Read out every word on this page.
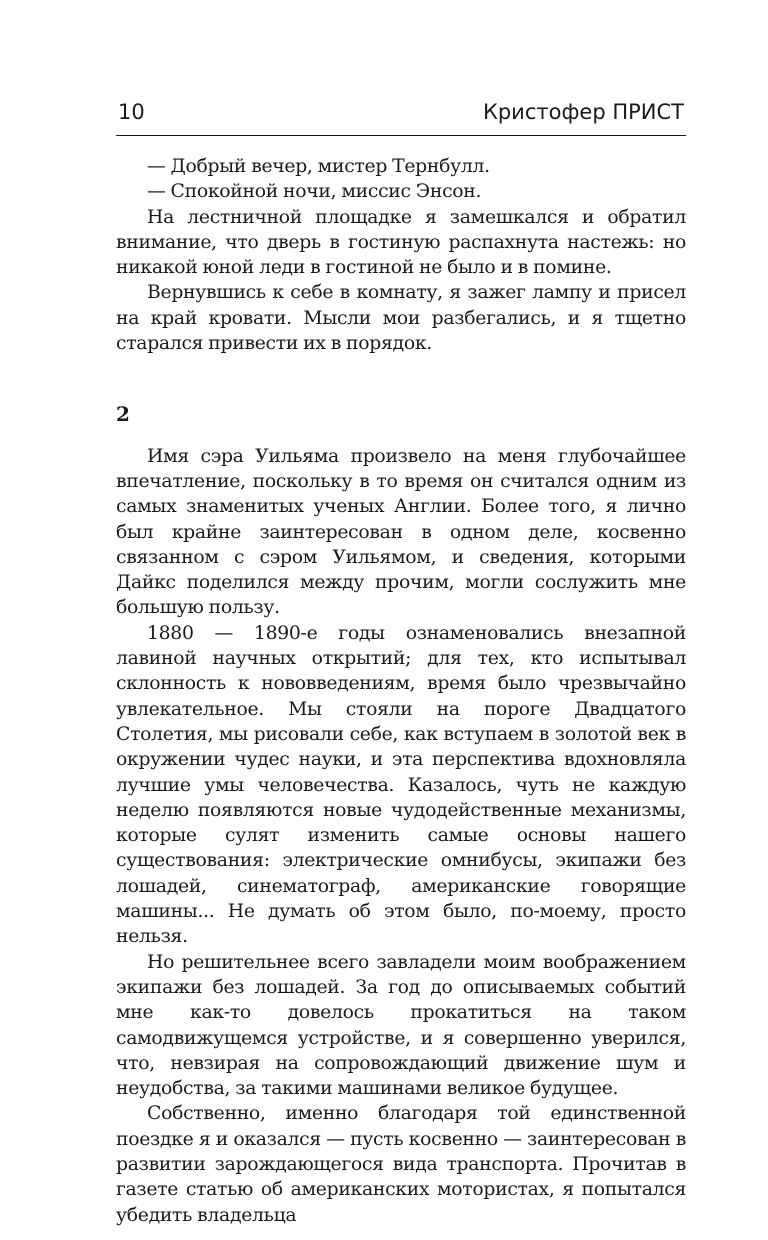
10	Кристофер ПРИСТ

— Добрый вечер, мистер Тернбулл.

— Спокойной ночи, миссис Энсон.

На лестничной площадке я замешкался и обратил внимание, что дверь в гостиную распахнута настежь: но никакой юной леди в гостиной не было и в помине.

Вернувшись к себе в комнату, я зажег лампу и присел на край кровати. Мысли мои разбегались, и я тщетно старался привести их в порядок.

2

Имя сэра Уильяма произвело на меня глубочайшее впечатление, поскольку в то время он считался одним из самых знаменитых ученых Англии. Более того, я лично был крайне заинтересован в одном деле, косвенно связанном с сэром Уильямом, и сведения, которыми Дайкс поделился между прочим, могли сослужить мне большую пользу.

1880 — 1890-е годы ознаменовались внезапной лавиной научных открытий; для тех, кто испытывал склонность к нововведениям, время было чрезвычайно увлекательное. Мы стояли на пороге Двадцатого Столетия, мы рисовали себе, как вступаем в золотой век в окружении чудес науки, и эта перспектива вдохновляла лучшие умы человечества. Казалось, чуть не каждую неделю появляются новые чудодейственные механизмы, которые сулят изменить самые основы нашего существования: электрические омнибусы, экипажи без лошадей, синематограф, американские говорящие машины... Не думать об этом было, по-моему, просто нельзя.

Но решительнее всего завладели моим воображением экипажи без лошадей. За год до описываемых событий мне как-то довелось прокатиться на таком самодвижущемся устройстве, и я совершенно уверился, что, невзирая на сопровождающий движение шум и неудобства, за такими машинами великое будущее.

Собственно, именно благодаря той единственной поездке я и оказался — пусть косвенно — заинтересован в развитии зарождающегося вида транспорта. Прочитав в газете статью об американских мотористах, я попытался убедить владельца
